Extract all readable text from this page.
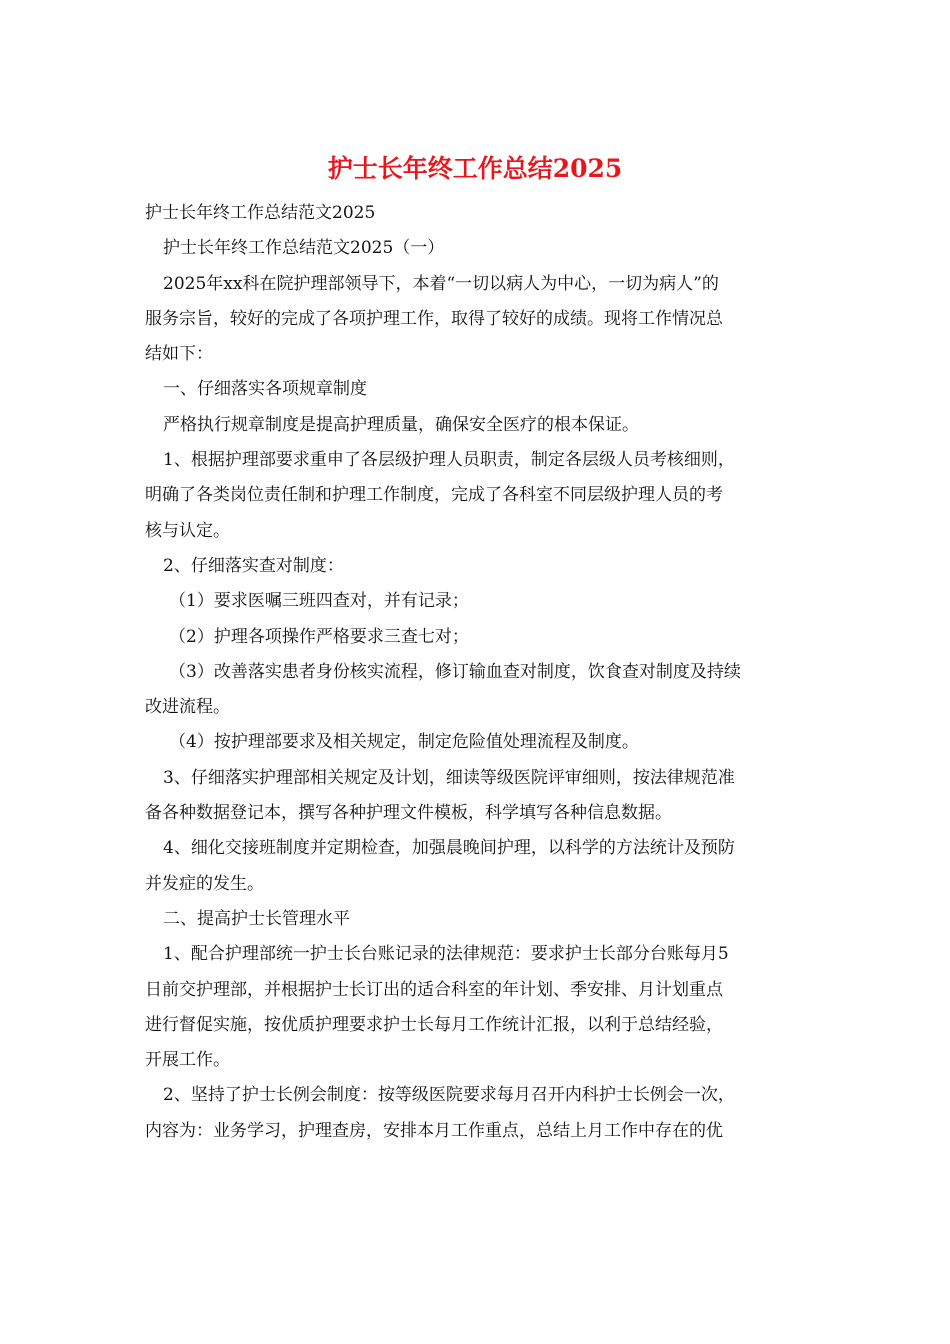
护士长年终工作总结2025

护士长年终工作总结范文2025

护士长年终工作总结范文2025（一）

2025年xx科在院护理部领导下，本着“一切以病人为中心，一切为病人”的

服务宗旨，较好的完成了各项护理工作，取得了较好的成绩。现将工作情况总

结如下：

一、仔细落实各项规章制度

严格执行规章制度是提高护理质量，确保安全医疗的根本保证。

1、根据护理部要求重申了各层级护理人员职责，制定各层级人员考核细则，

明确了各类岗位责任制和护理工作制度，完成了各科室不同层级护理人员的考

核与认定。

2、仔细落实查对制度：

（1）要求医嘱三班四查对，并有记录；

（2）护理各项操作严格要求三查七对；

（3）改善落实患者身份核实流程，修订输血查对制度，饮食查对制度及持续

改进流程。

（4）按护理部要求及相关规定，制定危险值处理流程及制度。

3、仔细落实护理部相关规定及计划，细读等级医院评审细则，按法律规范准

备各种数据登记本，撰写各种护理文件模板，科学填写各种信息数据。

4、细化交接班制度并定期检查，加强晨晚间护理，以科学的方法统计及预防

并发症的发生。

二、提高护士长管理水平

1、配合护理部统一护士长台账记录的法律规范：要求护士长部分台账每月5

日前交护理部，并根据护士长订出的适合科室的年计划、季安排、月计划重点

进行督促实施，按优质护理要求护士长每月工作统计汇报，以利于总结经验，

开展工作。

2、坚持了护士长例会制度：按等级医院要求每月召开内科护士长例会一次，

内容为：业务学习，护理查房，安排本月工作重点，总结上月工作中存在的优
